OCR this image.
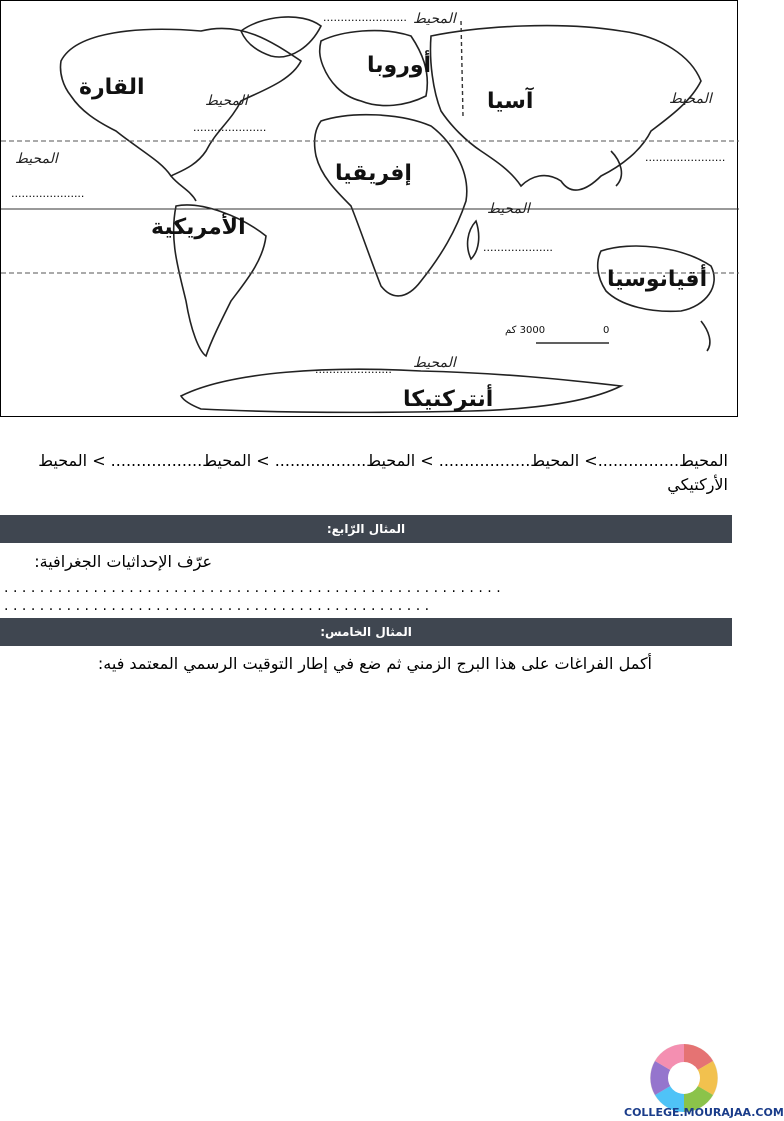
القارة
الأمريكية
أوروبا
آسيا
إفريقيا
أقيانوسيا
أنتركتيكا
المحيط
........................
المحيط
.....................
المحيط
.....................
المحيط
.......................
المحيط
....................
المحيط
......................
3000 كم	0
المحيط................> المحيط.................. > المحيط.................. > المحيط.................. > المحيط الأركتيكي
المثال الرّابع:
عرّف الإحداثيات الجغرافية:
........................................................
................................................
المثال الخامس:
أكمل الفراغات على هذا البرج الزمني ثم ضع في إطار التوقيت الرسمي المعتمد فيه:
COLLEGE.MOURAJAA.COM
